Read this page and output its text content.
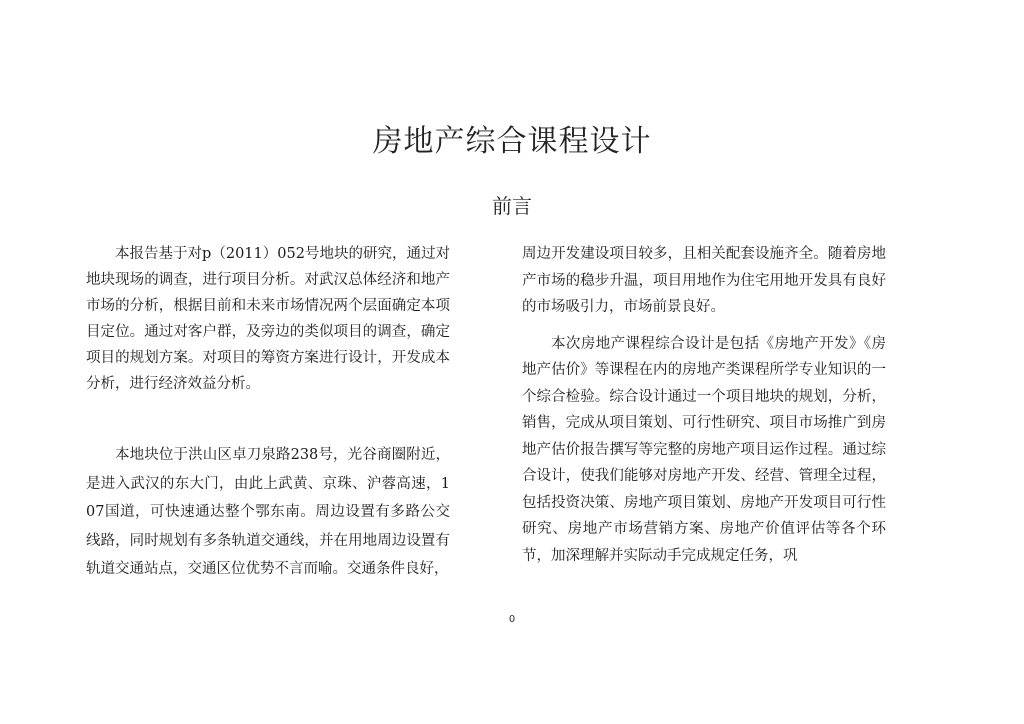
房地产综合课程设计
前言

本报告基于对p（2011）052号地块的研究，通过对地块现场的调查，进行项目分析。对武汉总体经济和地产市场的分析，根据目前和未来市场情况两个层面确定本项目定位。通过对客户群，及旁边的类似项目的调查，确定项目的规划方案。对项目的筹资方案进行设计，开发成本分析，进行经济效益分析。

本地块位于洪山区卓刀泉路238号，光谷商圈附近，是进入武汉的东大门，由此上武黄、京珠、沪蓉高速，107国道，可快速通达整个鄂东南。周边设置有多路公交线路，同时规划有多条轨道交通线，并在用地周边设置有轨道交通站点，交通区位优势不言而喻。交通条件良好，

周边开发建设项目较多，且相关配套设施齐全。随着房地产市场的稳步升温，项目用地作为住宅用地开发具有良好的市场吸引力，市场前景良好。

本次房地产课程综合设计是包括《房地产开发》《房地产估价》等课程在内的房地产类课程所学专业知识的一个综合检验。综合设计通过一个项目地块的规划，分析，销售，完成从项目策划、可行性研究、项目市场推广到房地产估价报告撰写等完整的房地产项目运作过程。通过综合设计，使我们能够对房地产开发、经营、管理全过程，包括投资决策、房地产项目策划、房地产开发项目可行性研究、房地产市场营销方案、房地产价值评估等各个环节，加深理解并实际动手完成规定任务，巩

0
